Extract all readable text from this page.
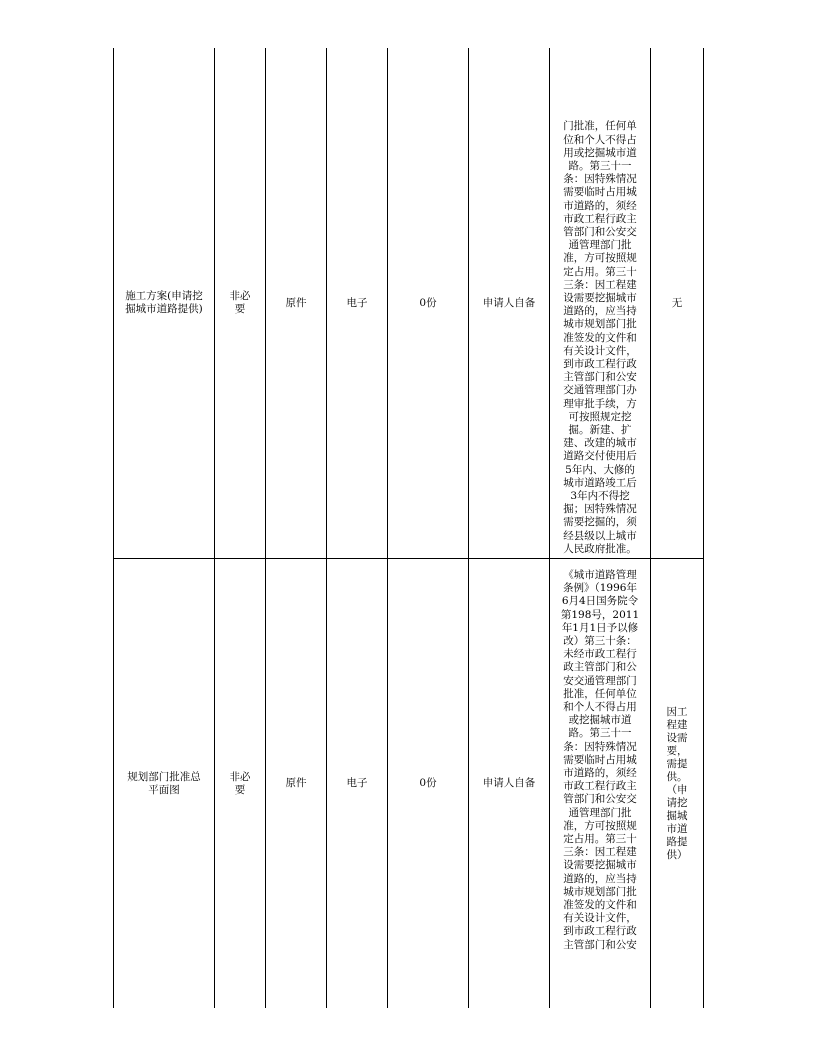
施工方案(申请挖掘城市道路提供)	非必要	原件	电子	0份	申请人自备	门批准，任何单位和个人不得占用或挖掘城市道路。第三十一条：因特殊情况需要临时占用城市道路的，须经市政工程行政主管部门和公安交通管理部门批准，方可按照规定占用。第三十三条：因工程建设需要挖掘城市道路的，应当持城市规划部门批准签发的文件和有关设计文件，到市政工程行政主管部门和公安交通管理部门办理审批手续，方可按照规定挖掘。新建、扩建、改建的城市道路交付使用后5年内、大修的城市道路竣工后3年内不得挖掘；因特殊情况需要挖掘的，须经县级以上城市人民政府批准。	无

规划部门批准总平面图	非必要	原件	电子	0份	申请人自备	《城市道路管理条例》（1996年6月4日国务院令第198号，2011年1月1日予以修改）第三十条：未经市政工程行政主管部门和公安交通管理部门批准，任何单位和个人不得占用或挖掘城市道路。第三十一条：因特殊情况需要临时占用城市道路的，须经市政工程行政主管部门和公安交通管理部门批准，方可按照规定占用。第三十三条：因工程建设需要挖掘城市道路的，应当持城市规划部门批准签发的文件和有关设计文件，到市政工程行政主管部门和公安	因工程建设需要，需提供。（申请挖掘城市道路提供）
